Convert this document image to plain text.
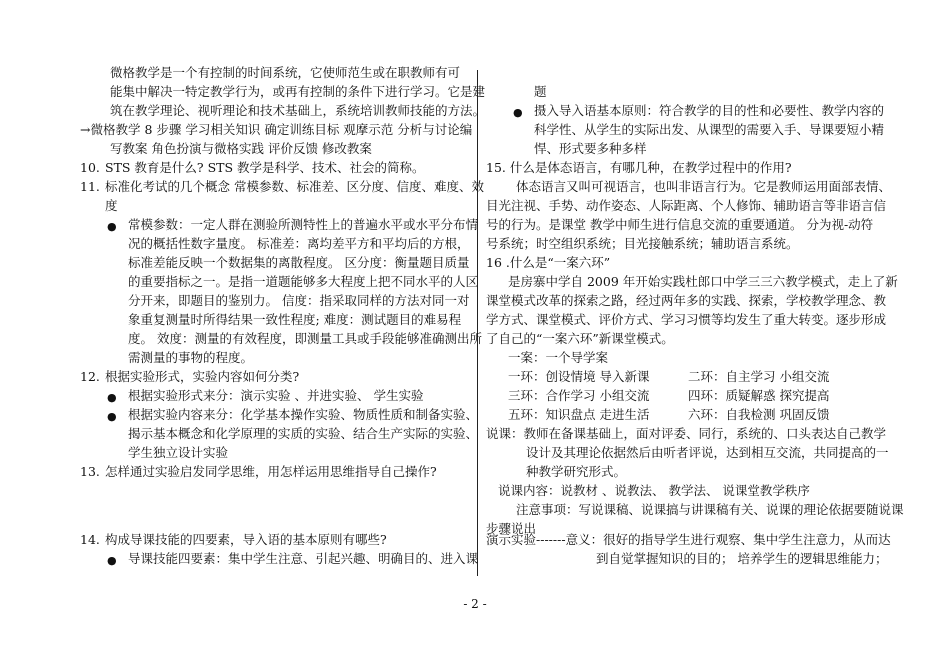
微格教学是一个有控制的时间系统，它使师范生或在职教师有可
能集中解决一特定教学行为，或再有控制的条件下进行学习。它是建
筑在教学理论、视听理论和技术基础上，系统培训教师技能的方法。
→微格教学 8 步骤 学习相关知识 确定训练目标 观摩示范 分析与讨论编
写教案 角色扮演与微格实践 评价反馈 修改教案
10. STS 教育是什么? STS 教学是科学、技术、社会的简称。
11. 标准化考试的几个概念 常模参数、标准差、区分度、信度、难度、效
度
● 常模参数：一定人群在测验所测特性上的普遍水平或水平分布情
况的概括性数字量度。 标准差：离均差平方和平均后的方根，
标准差能反映一个数据集的离散程度。 区分度：衡量题目质量
的重要指标之一。是指一道题能够多大程度上把不同水平的人区
分开来，即题目的鉴别力。 信度：指采取同样的方法对同一对
象重复测量时所得结果一致性程度; 难度：测试题目的难易程
度。 效度：测量的有效程度，即测量工具或手段能够准确测出所
需测量的事物的程度。
12. 根据实验形式，实验内容如何分类?
● 根据实验形式来分：演示实验 、并进实验、 学生实验
● 根据实验内容来分：化学基本操作实验、物质性质和制备实验、
揭示基本概念和化学原理的实质的实验、结合生产实际的实验、
学生独立设计实验
13. 怎样通过实验启发同学思维，用怎样运用思维指导自己操作?
14. 构成导课技能的四要素，导入语的基本原则有哪些?
● 导课技能四要素：集中学生注意、引起兴趣、明确目的、进入课
题
● 摄入导入语基本原则：符合教学的目的性和必要性、教学内容的
科学性、从学生的实际出发、从课型的需要入手、导课要短小精
悍、形式要多种多样
15. 什么是体态语言，有哪几种，在教学过程中的作用?
体态语言又叫可视语言，也叫非语言行为。它是教师运用面部表情、
目光注视、手势、动作姿态、人际距离、个人修饰、辅助语言等非语言信
号的行为。是课堂 教学中师生进行信息交流的重要通道。 分为视-动符
号系统；时空组织系统；目光接触系统；辅助语言系统。
16 .什么是“一案六环”
是房寨中学自 2009 年开始实践杜郎口中学三三六教学模式，走上了新
课堂模式改革的探索之路，经过两年多的实践、探索，学校教学理念、教
学方式、课堂模式、评价方式、学习习惯等均发生了重大转变。逐步形成
了自己的“一案六环”新课堂模式。
一案：一个导学案
一环：创设情境 导入新课	二环：自主学习 小组交流
三环：合作学习 小组交流	四环：质疑解惑 探究提高
五环：知识盘点 走进生活	六环：自我检测 巩固反馈
说课：教师在备课基础上，面对评委、同行，系统的、口头表达自己教学
设计及其理论依据然后由听者评说，达到相互交流，共同提高的一
种教学研究形式。
说课内容：说教材 、说教法、 教学法、 说课堂教学秩序
注意事项：写说课稿、说课搞与讲课稿有关、说课的理论依据要随说课
步骤说出
演示实验-------意义：很好的指导学生进行观察、集中学生注意力，从而达
到自觉掌握知识的目的； 培养学生的逻辑思维能力；
- 2 -
